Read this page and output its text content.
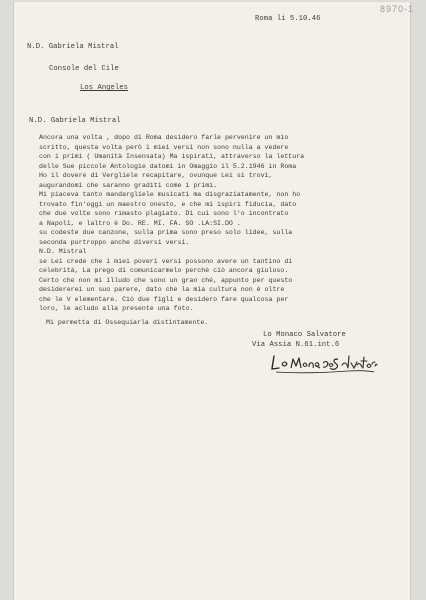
Roma li 5.10.46
N.D. Gabriela Mistral
Console del Cile
Los Angeles
N.D. Gabriela Mistral
Ancora una volta , dopo di Roma desidero farle pervenire un mio
scritto, questa volta però i miei versi non sono nulla a vedere
con i primi ( Umanità Insensata) Ma ispirati, attraverso la lettura
delle Sue piccole Antologie datomi in Omaggio il 5.2.1946 in Roma
Ho il dovere di Vergliele recapitare, ovunque Lei si trovi,
augurandomi che saranno graditi come i primi.
Mi piaceva tanto mandargliele musicati ma disgraziatamente, non ho
trovato fin'oggi un maestro onesto, e che mi ispiri fiducia, dato
che due volte sono rimasto plagiato. Di cui sono l'o incontrato
a Napoli, e laltro è Do. RE. MI. FA. SO .LA:SI.DO .
su codeste due canzone, sulla prima sono preso solo lidee, sulla
seconda purtroppo anche diversi versi.
N.D. Mistral
se Lei crede che i miei poveri versi possono avere un tantino di
celebrità, La prego di comunicarmelo perchè ciò ancora giuloso.
Certo che non mi illudo che sono un gran ché, appunto per questo
desidererei un suo parere, dato che la mia cultura non è oltre
che le V elementare. Ciò due figli e desidero fare qualcosa per
loro, le acludo alla presente una foto.
Mi permetta di Ossequiarla distintamente.
Lo Monaco Salvatore
Via Assia N.61.int.6
8970-1
